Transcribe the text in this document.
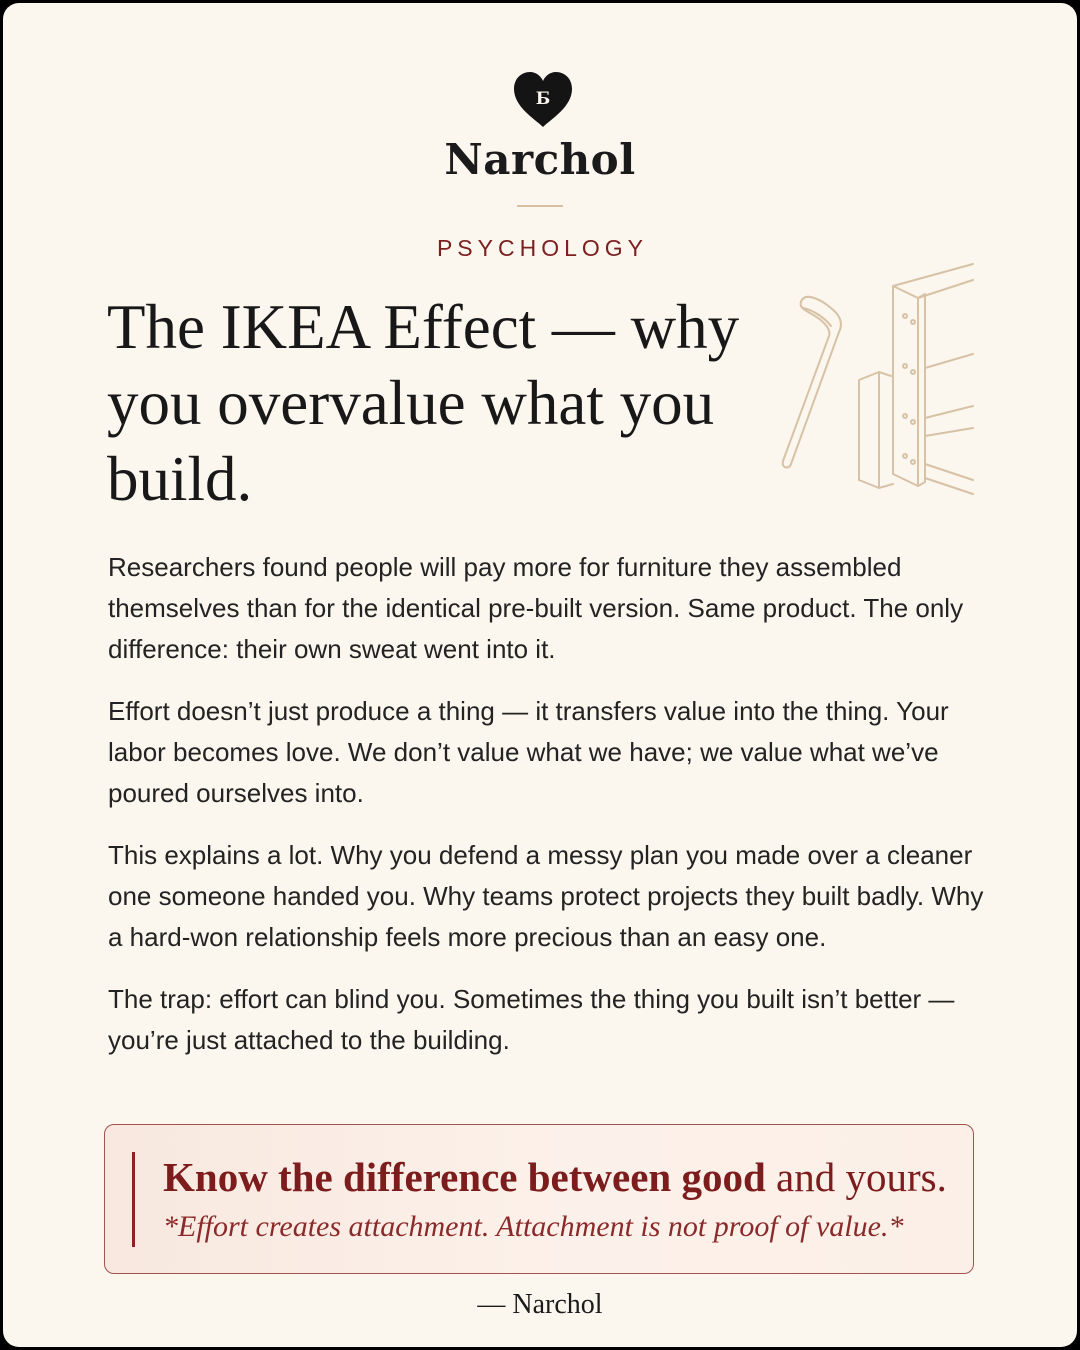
Б
Narchol
PSYCHOLOGY
The IKEA Effect — why you overvalue what you build.

Researchers found people will pay more for furniture they assembled themselves than for the identical pre-built version. Same product. The only difference: their own sweat went into it.

Effort doesn’t just produce a thing — it transfers value into the thing. Your labor becomes love. We don’t value what we have; we value what we’ve poured ourselves into.

This explains a lot. Why you defend a messy plan you made over a cleaner one someone handed you. Why teams protect projects they built badly. Why a hard-won relationship feels more precious than an easy one.

The trap: effort can blind you. Sometimes the thing you built isn’t better — you’re just attached to the building.

Know the difference between good and yours.
*Effort creates attachment. Attachment is not proof of value.*
— Narchol
